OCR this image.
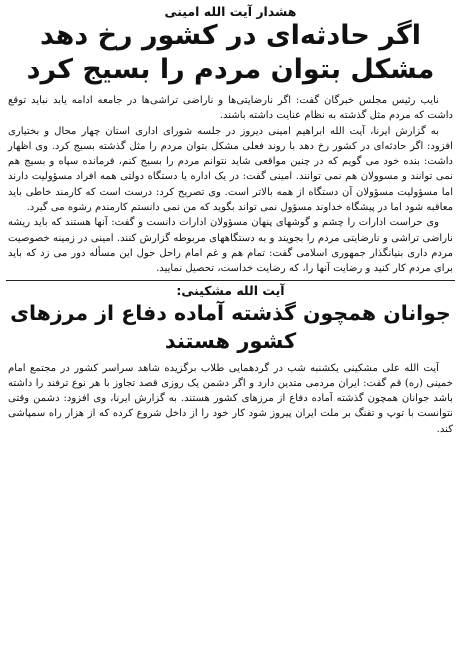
هشدار آیت الله امینی
اگر حادثه‌ای در کشور رخ دهد
مشکل بتوان مردم را بسیج کرد

نایب رئیس مجلس خبرگان گفت: اگر نارضایتی‌ها و ناراضی تراشی‌ها در جامعه ادامه یابد نباید توقع داشت که مردم مثل گذشته به نظام عنایت داشته باشند.

به گزارش ایرنا، آیت الله ابراهیم امینی دیروز در جلسه شورای اداری استان چهار محال و بختیاری افزود: اگر حادثه‌ای در کشور رخ دهد با روند فعلی مشکل بتوان مردم را مثل گذشته بسیج کرد. وی اظهار داشت: بنده خود می گویم که در چنین مواقعی شاید نتوانم مردم را بسیج کنم، فرمانده سپاه و بسیج هم نمی توانند و مسوولان هم نمی توانند. امینی گفت: در یک اداره یا دستگاه دولتی همه افراد مسؤولیت دارند اما مسؤولیت مسؤولان آن دستگاه از همه بالاتر است. وی تصریح کرد: درست است که کارمند خاطی باید معاقبه شود اما در پیشگاه خداوند مسؤول نمی تواند بگوید که من نمی دانستم کارمندم رشوه می گیرد.

وی حراست ادارات را چشم و گوشهای پنهان مسؤولان ادارات دانست و گفت: آنها هستند که باید ریشه ناراضی تراشی و نارضایتی مردم را بجویند و به دستگاههای مربوطه گزارش کنند. امینی در زمینه خصوصیت مردم داری بنیانگذار جمهوری اسلامی گفت: تمام هم و غم امام راحل حول این مسأله دور می زد که باید برای مردم کار کنید و رضایت آنها را، که رضایت خداست، تحصیل نمایید.

آیت الله مشکینی:
جوانان همچون گذشته آماده دفاع از مرزهای
کشور هستند

آیت الله علی مشکینی یکشنبه شب در گردهمایی طلاب برگزیده شاهد سراسر کشور در مجتمع امام خمینی (ره) قم گفت: ایران مردمی متدین دارد و اگر دشمن یک روزی قصد تجاوز با هر نوع ترفند را داشته باشد جوانان همچون گذشته آماده دفاع از مرزهای کشور هستند. به گزارش ایرنا، وی افزود: دشمن وقتی نتوانست با توپ و تفنگ بر ملت ایران پیروز شود کار خود را از داخل شروع کرده که از هزار راه سمپاشی کند.
